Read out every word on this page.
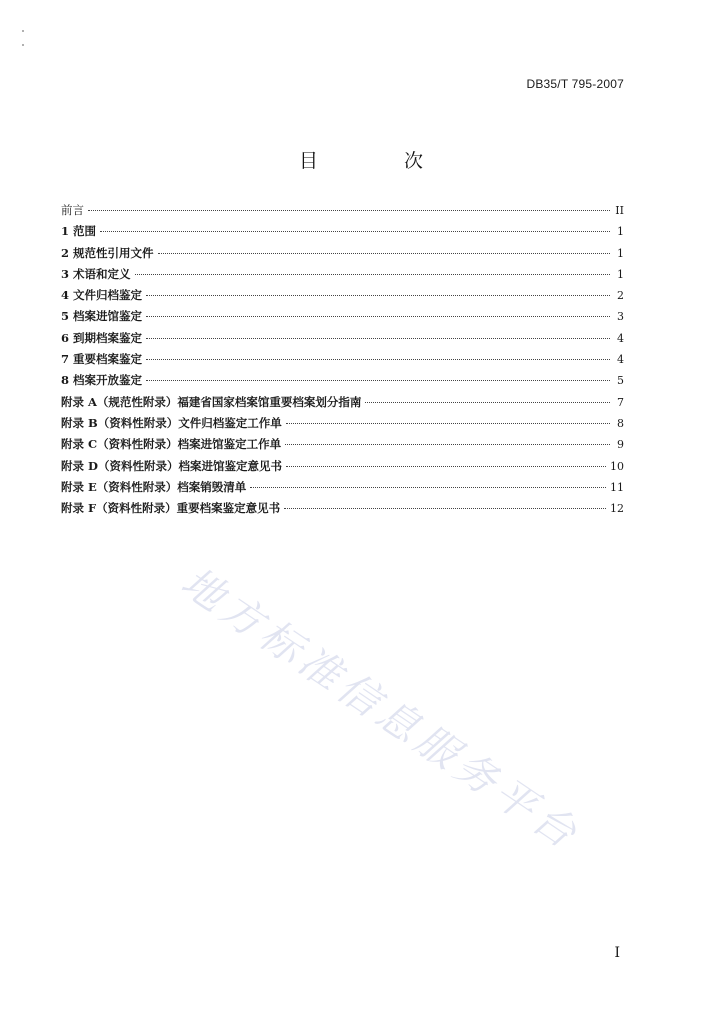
DB35/T 795-2007
目 次
前言	II
1 范围	1
2 规范性引用文件	1
3 术语和定义	1
4 文件归档鉴定	2
5 档案进馆鉴定	3
6 到期档案鉴定	4
7 重要档案鉴定	4
8 档案开放鉴定	5
附录 A（规范性附录）福建省国家档案馆重要档案划分指南	7
附录 B（资料性附录）文件归档鉴定工作单	8
附录 C（资料性附录）档案进馆鉴定工作单	9
附录 D（资料性附录）档案进馆鉴定意见书	10
附录 E（资料性附录）档案销毁清单	11
附录 F（资料性附录）重要档案鉴定意见书	12
地方标准信息服务平台
I
